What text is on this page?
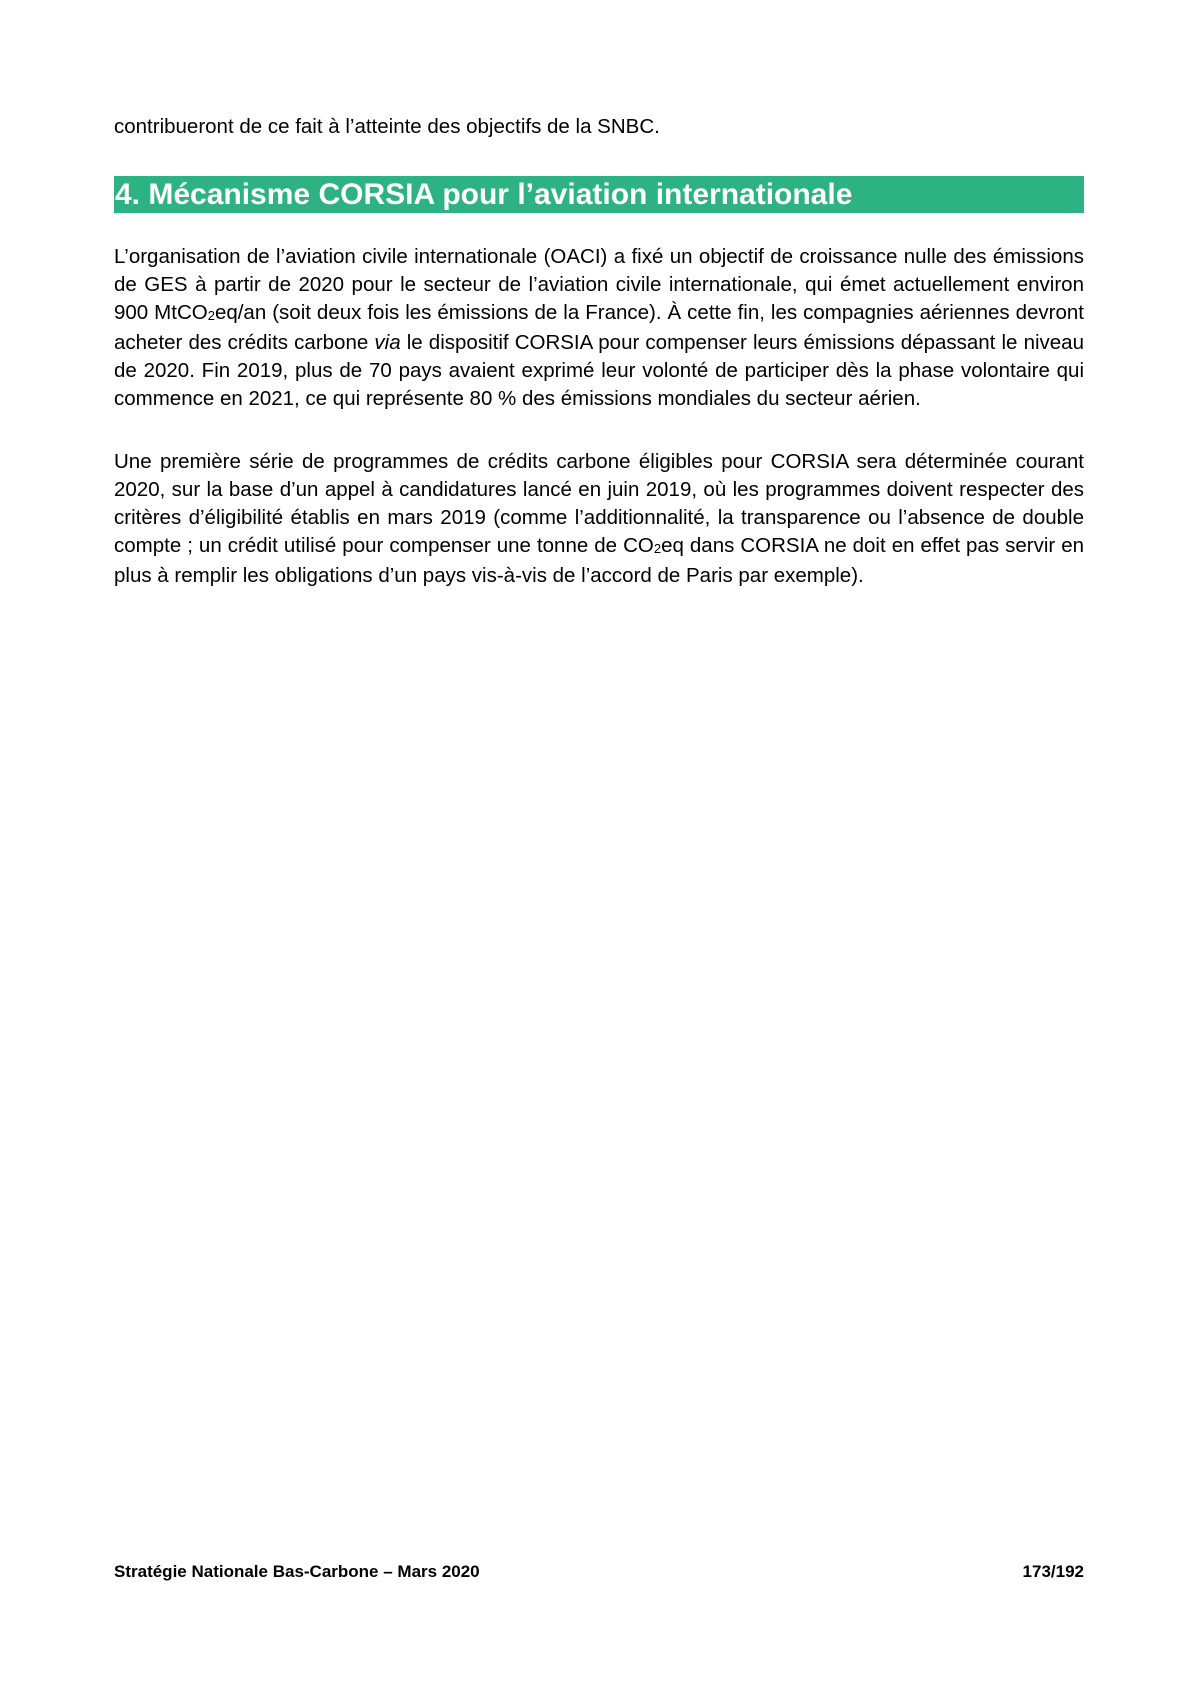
contribueront de ce fait à l’atteinte des objectifs de la SNBC.

4. Mécanisme CORSIA pour l’aviation internationale

L’organisation de l’aviation civile internationale (OACI) a fixé un objectif de croissance nulle des émissions de GES à partir de 2020 pour le secteur de l’aviation civile internationale, qui émet actuellement environ 900 MtCO$_2$eq/an (soit deux fois les émissions de la France). À cette fin, les compagnies aériennes devront acheter des crédits carbone via le dispositif CORSIA pour compenser leurs émissions dépassant le niveau de 2020. Fin 2019, plus de 70 pays avaient exprimé leur volonté de participer dès la phase volontaire qui commence en 2021, ce qui représente 80 % des émissions mondiales du secteur aérien.

Une première série de programmes de crédits carbone éligibles pour CORSIA sera déterminée courant 2020, sur la base d’un appel à candidatures lancé en juin 2019, où les programmes doivent respecter des critères d’éligibilité établis en mars 2019 (comme l’additionnalité, la transparence ou l’absence de double compte ; un crédit utilisé pour compenser une tonne de $CO_2eq$ dans CORSIA ne doit en effet pas servir en plus à remplir les obligations d’un pays vis-à-vis de l’accord de Paris par exemple).

Stratégie Nationale Bas-Carbone – Mars 2020	173/192
